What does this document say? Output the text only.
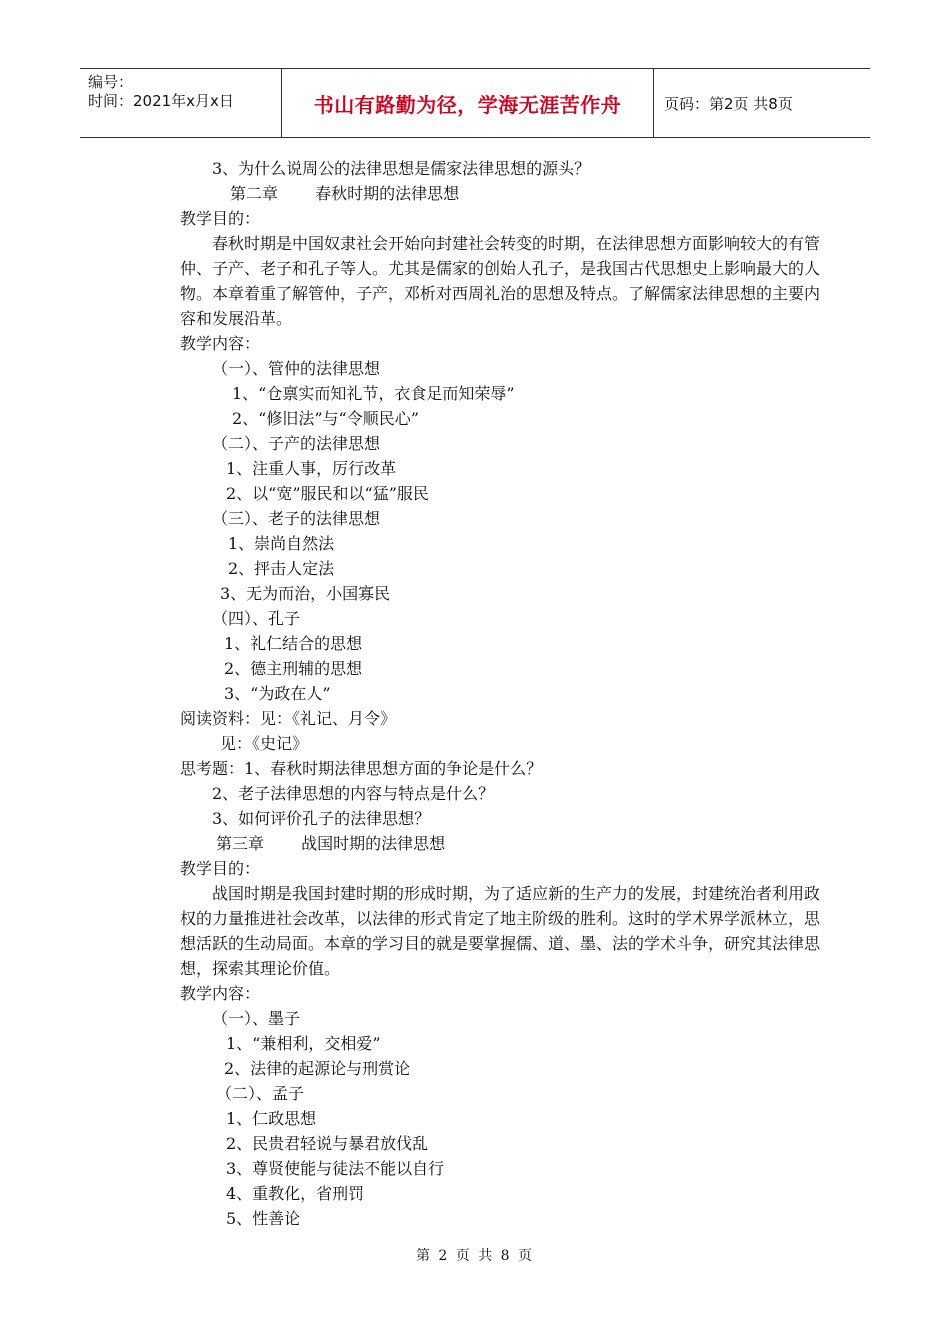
编号：
时间：2021年x月x日	书山有路勤为径，学海无涯苦作舟	页码：第2页 共8页
3、为什么说周公的法律思想是儒家法律思想的源头？
第二章　　 春秋时期的法律思想
教学目的：

春秋时期是中国奴隶社会开始向封建社会转变的时期，在法律思想方面影响较大的有管仲、子产、老子和孔子等人。尤其是儒家的创始人孔子，是我国古代思想史上影响最大的人物。本章着重了解管仲，子产，邓析对西周礼治的思想及特点。了解儒家法律思想的主要内容和发展沿革。

教学内容：
（一）、管仲的法律思想
1、“仓禀实而知礼节，衣食足而知荣辱”
2、“修旧法”与“令顺民心”
（二）、子产的法律思想
1、注重人事，厉行改革
2、以“宽”服民和以“猛”服民
（三）、老子的法律思想
1、崇尚自然法
2、抨击人定法
3、无为而治，小国寡民
（四）、孔子
1、礼仁结合的思想
2、德主刑辅的思想
3、“为政在人”
阅读资料：见：《礼记、月令》
见：《史记》
思考题：1、春秋时期法律思想方面的争论是什么？
2、老子法律思想的内容与特点是什么？
3、如何评价孔子的法律思想？
第三章　　 战国时期的法律思想
教学目的：

战国时期是我国封建时期的形成时期，为了适应新的生产力的发展，封建统治者利用政权的力量推进社会改革，以法律的形式肯定了地主阶级的胜利。这时的学术界学派林立，思想活跃的生动局面。本章的学习目的就是要掌握儒、道、墨、法的学术斗争，研究其法律思想，探索其理论价值。

教学内容：
（一）、墨子
1、“兼相利，交相爱”
2、法律的起源论与刑赏论
（二）、孟子
1、仁政思想
2、民贵君轻说与暴君放伐乱
3、尊贤使能与徒法不能以自行
4、重教化，省刑罚
5、性善论
第 2 页 共 8 页
